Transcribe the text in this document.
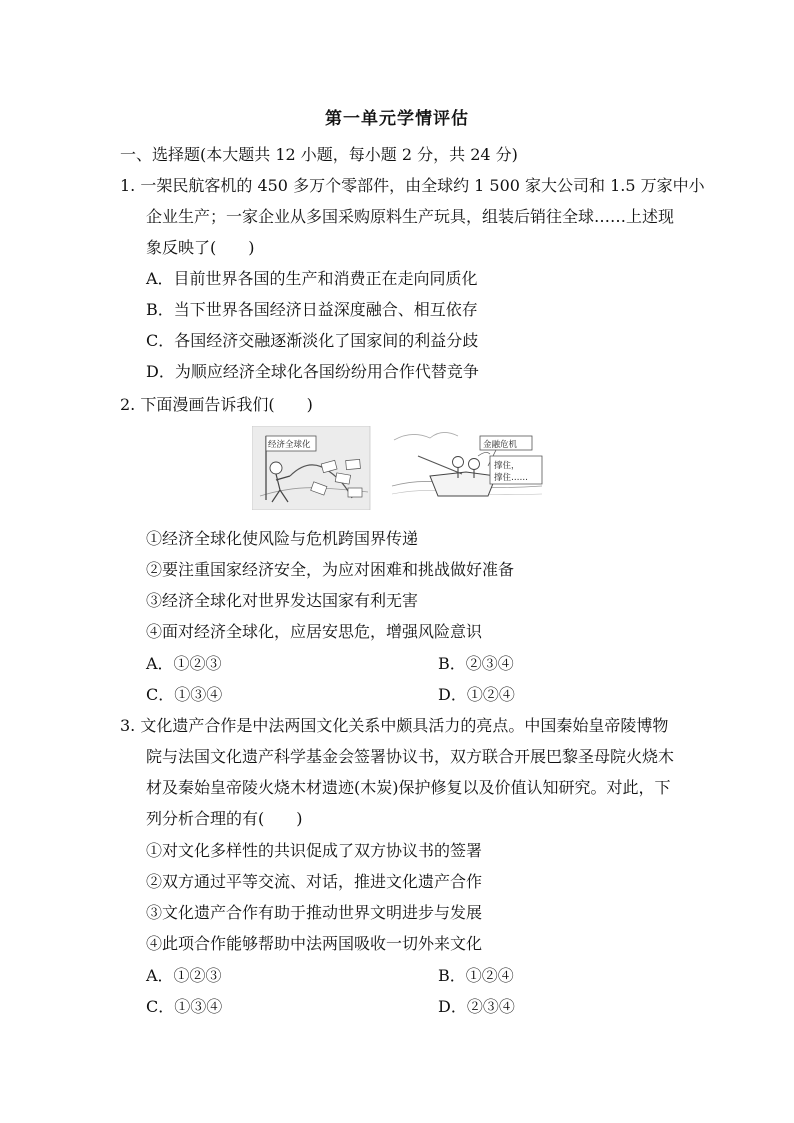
第一单元学情评估
一、选择题(本大题共 12 小题，每小题 2 分，共 24 分)
1. 一架民航客机的 450 多万个零部件，由全球约 1 500 家大公司和 1.5 万家中小
企业生产；一家企业从多国采购原料生产玩具，组装后销往全球……上述现
象反映了(　　)
A．目前世界各国的生产和消费正在走向同质化
B．当下世界各国经济日益深度融合、相互依存
C．各国经济交融逐渐淡化了国家间的利益分歧
D．为顺应经济全球化各国纷纷用合作代替竞争
2. 下面漫画告诉我们(　　)
经济全球化	金融危机
撑住，
撑住……
①经济全球化使风险与危机跨国界传递
②要注重国家经济安全，为应对困难和挑战做好准备
③经济全球化对世界发达国家有利无害
④面对经济全球化，应居安思危，增强风险意识
A．①②③	B．②③④
C．①③④	D．①②④
3. 文化遗产合作是中法两国文化关系中颇具活力的亮点。中国秦始皇帝陵博物
院与法国文化遗产科学基金会签署协议书，双方联合开展巴黎圣母院火烧木
材及秦始皇帝陵火烧木材遗迹(木炭)保护修复以及价值认知研究。对此，下
列分析合理的有(　　)
①对文化多样性的共识促成了双方协议书的签署
②双方通过平等交流、对话，推进文化遗产合作
③文化遗产合作有助于推动世界文明进步与发展
④此项合作能够帮助中法两国吸收一切外来文化
A．①②③	B．①②④
C．①③④	D．②③④
